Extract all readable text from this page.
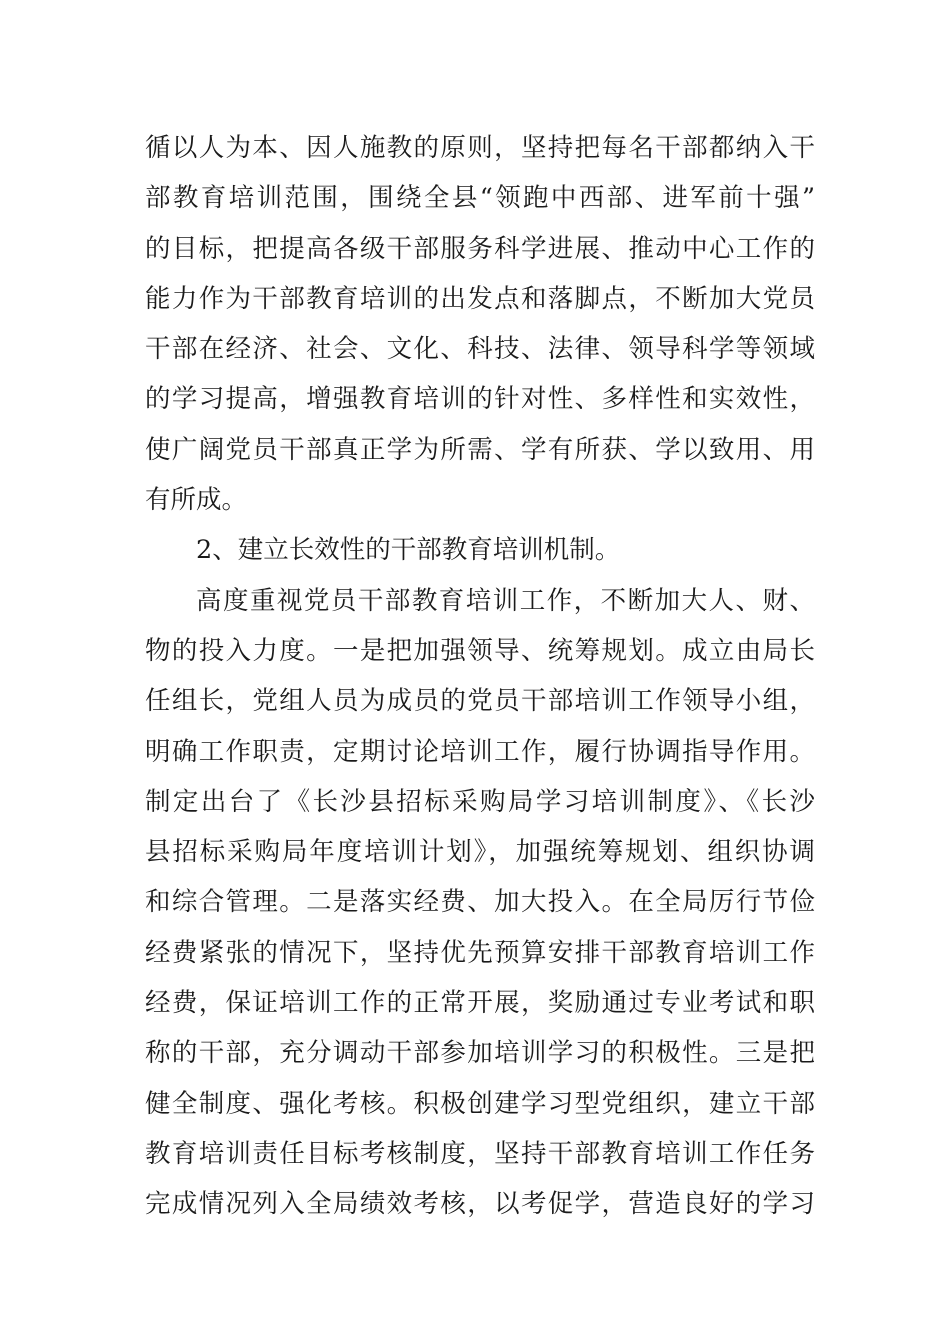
循以人为本、因人施教的原则，坚持把每名干部都纳入干
部教育培训范围，围绕全县“领跑中西部、进军前十强”
的目标，把提高各级干部服务科学进展、推动中心工作的
能力作为干部教育培训的出发点和落脚点，不断加大党员
干部在经济、社会、文化、科技、法律、领导科学等领域
的学习提高，增强教育培训的针对性、多样性和实效性，
使广阔党员干部真正学为所需、学有所获、学以致用、用
有所成。
2、建立长效性的干部教育培训机制。
高度重视党员干部教育培训工作，不断加大人、财、
物的投入力度。一是把加强领导、统筹规划。成立由局长
任组长，党组人员为成员的党员干部培训工作领导小组，
明确工作职责，定期讨论培训工作，履行协调指导作用。
制定出台了《长沙县招标采购局学习培训制度》、《长沙
县招标采购局年度培训计划》，加强统筹规划、组织协调
和综合管理。二是落实经费、加大投入。在全局厉行节俭
经费紧张的情况下，坚持优先预算安排干部教育培训工作
经费，保证培训工作的正常开展，奖励通过专业考试和职
称的干部，充分调动干部参加培训学习的积极性。三是把
健全制度、强化考核。积极创建学习型党组织，建立干部
教育培训责任目标考核制度，坚持干部教育培训工作任务
完成情况列入全局绩效考核，以考促学，营造良好的学习
